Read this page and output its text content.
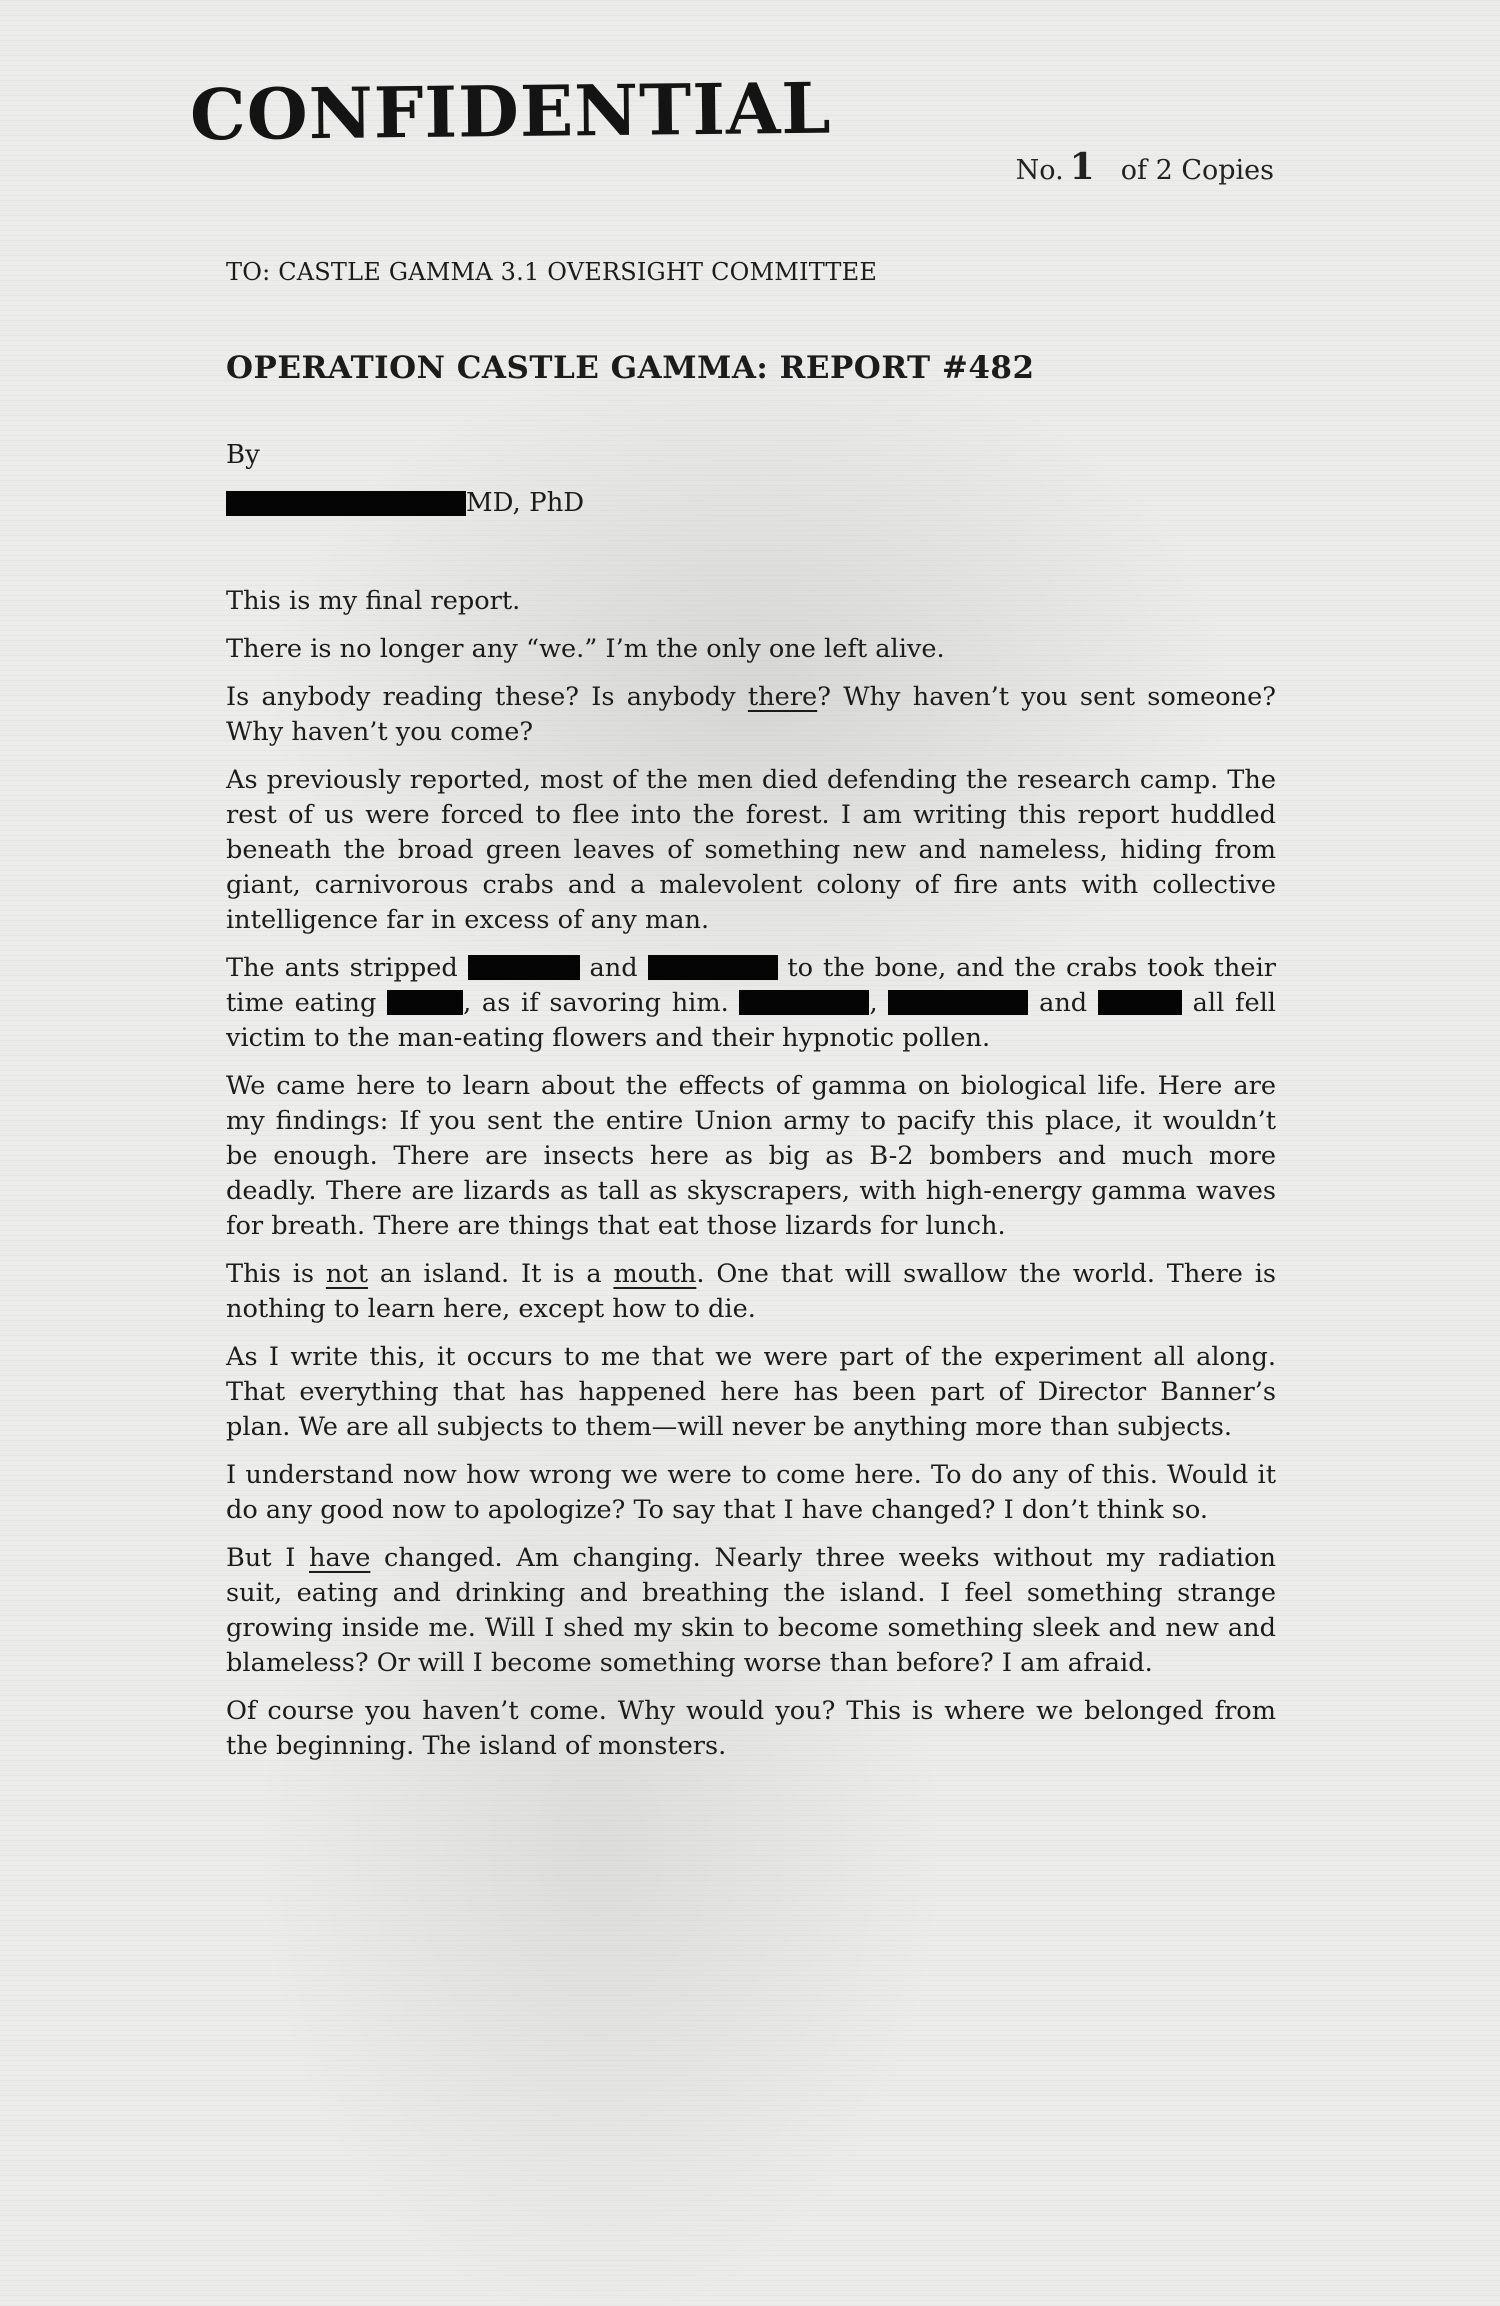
CONFIDENTIAL
No. 1 of 2 Copies
TO: CASTLE GAMMA 3.1 OVERSIGHT COMMITTEE
OPERATION CASTLE GAMMA: REPORT #482
By
MD, PhD

This is my final report.

There is no longer any “we.” I’m the only one left alive.

Is anybody reading these? Is anybody there? Why haven’t you sent someone? Why haven’t you come?

As previously reported, most of the men died defending the research camp. The rest of us were forced to flee into the forest. I am writing this report huddled beneath the broad green leaves of something new and nameless, hiding from giant, carnivorous crabs and a malevolent colony of fire ants with collective intelligence far in excess of any man.

The ants stripped	and	to the bone, and the crabs took their time eating	, as if savoring him.	,	and	all fell victim to the man-eating flowers and their hypnotic pollen.

We came here to learn about the effects of gamma on biological life. Here are my findings: If you sent the entire Union army to pacify this place, it wouldn’t be enough. There are insects here as big as B-2 bombers and much more deadly. There are lizards as tall as skyscrapers, with high-energy gamma waves for breath. There are things that eat those lizards for lunch.

This is not an island. It is a mouth. One that will swallow the world. There is nothing to learn here, except how to die.

As I write this, it occurs to me that we were part of the experiment all along. That everything that has happened here has been part of Director Banner’s plan. We are all subjects to them—will never be anything more than subjects.

I understand now how wrong we were to come here. To do any of this. Would it do any good now to apologize? To say that I have changed? I don’t think so.

But I have changed. Am changing. Nearly three weeks without my radiation suit, eating and drinking and breathing the island. I feel something strange growing inside me. Will I shed my skin to become something sleek and new and blameless? Or will I become something worse than before? I am afraid.

Of course you haven’t come. Why would you? This is where we belonged from the beginning. The island of monsters.
